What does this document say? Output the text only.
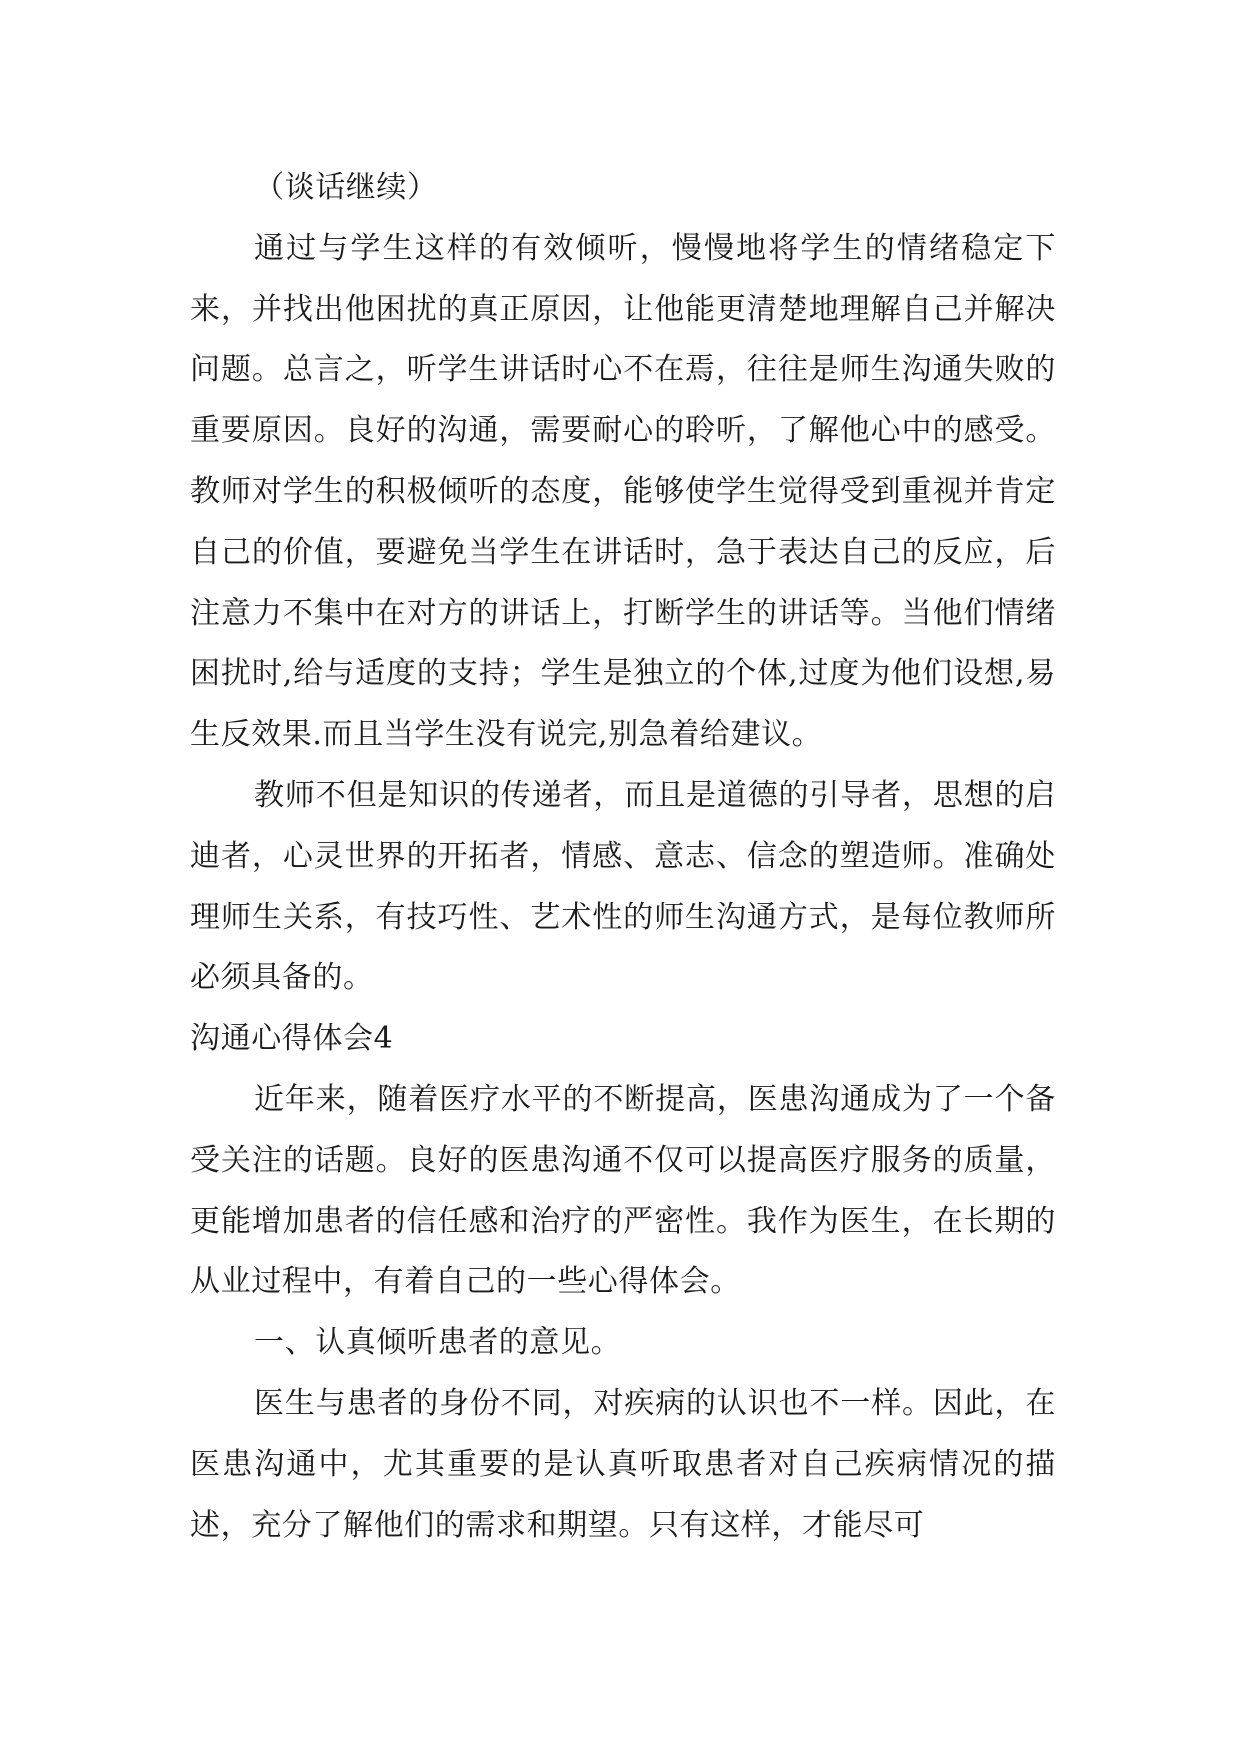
（谈话继续）

通过与学生这样的有效倾听，慢慢地将学生的情绪稳定下来，并找出他困扰的真正原因，让他能更清楚地理解自己并解决问题。总言之，听学生讲话时心不在焉，往往是师生沟通失败的重要原因。良好的沟通，需要耐心的聆听，了解他心中的感受。教师对学生的积极倾听的态度，能够使学生觉得受到重视并肯定自己的价值，要避免当学生在讲话时，急于表达自己的反应，后注意力不集中在对方的讲话上，打断学生的讲话等。当他们情绪困扰时,给与适度的支持；学生是独立的个体,过度为他们设想,易生反效果.而且当学生没有说完,别急着给建议。

教师不但是知识的传递者，而且是道德的引导者，思想的启迪者，心灵世界的开拓者，情感、意志、信念的塑造师。准确处理师生关系，有技巧性、艺术性的师生沟通方式，是每位教师所必须具备的。

沟通心得体会4

近年来，随着医疗水平的不断提高，医患沟通成为了一个备受关注的话题。良好的医患沟通不仅可以提高医疗服务的质量，更能增加患者的信任感和治疗的严密性。我作为医生，在长期的从业过程中，有着自己的一些心得体会。

一、认真倾听患者的意见。

医生与患者的身份不同，对疾病的认识也不一样。因此，在医患沟通中，尤其重要的是认真听取患者对自己疾病情况的描述，充分了解他们的需求和期望。只有这样，才能尽可
